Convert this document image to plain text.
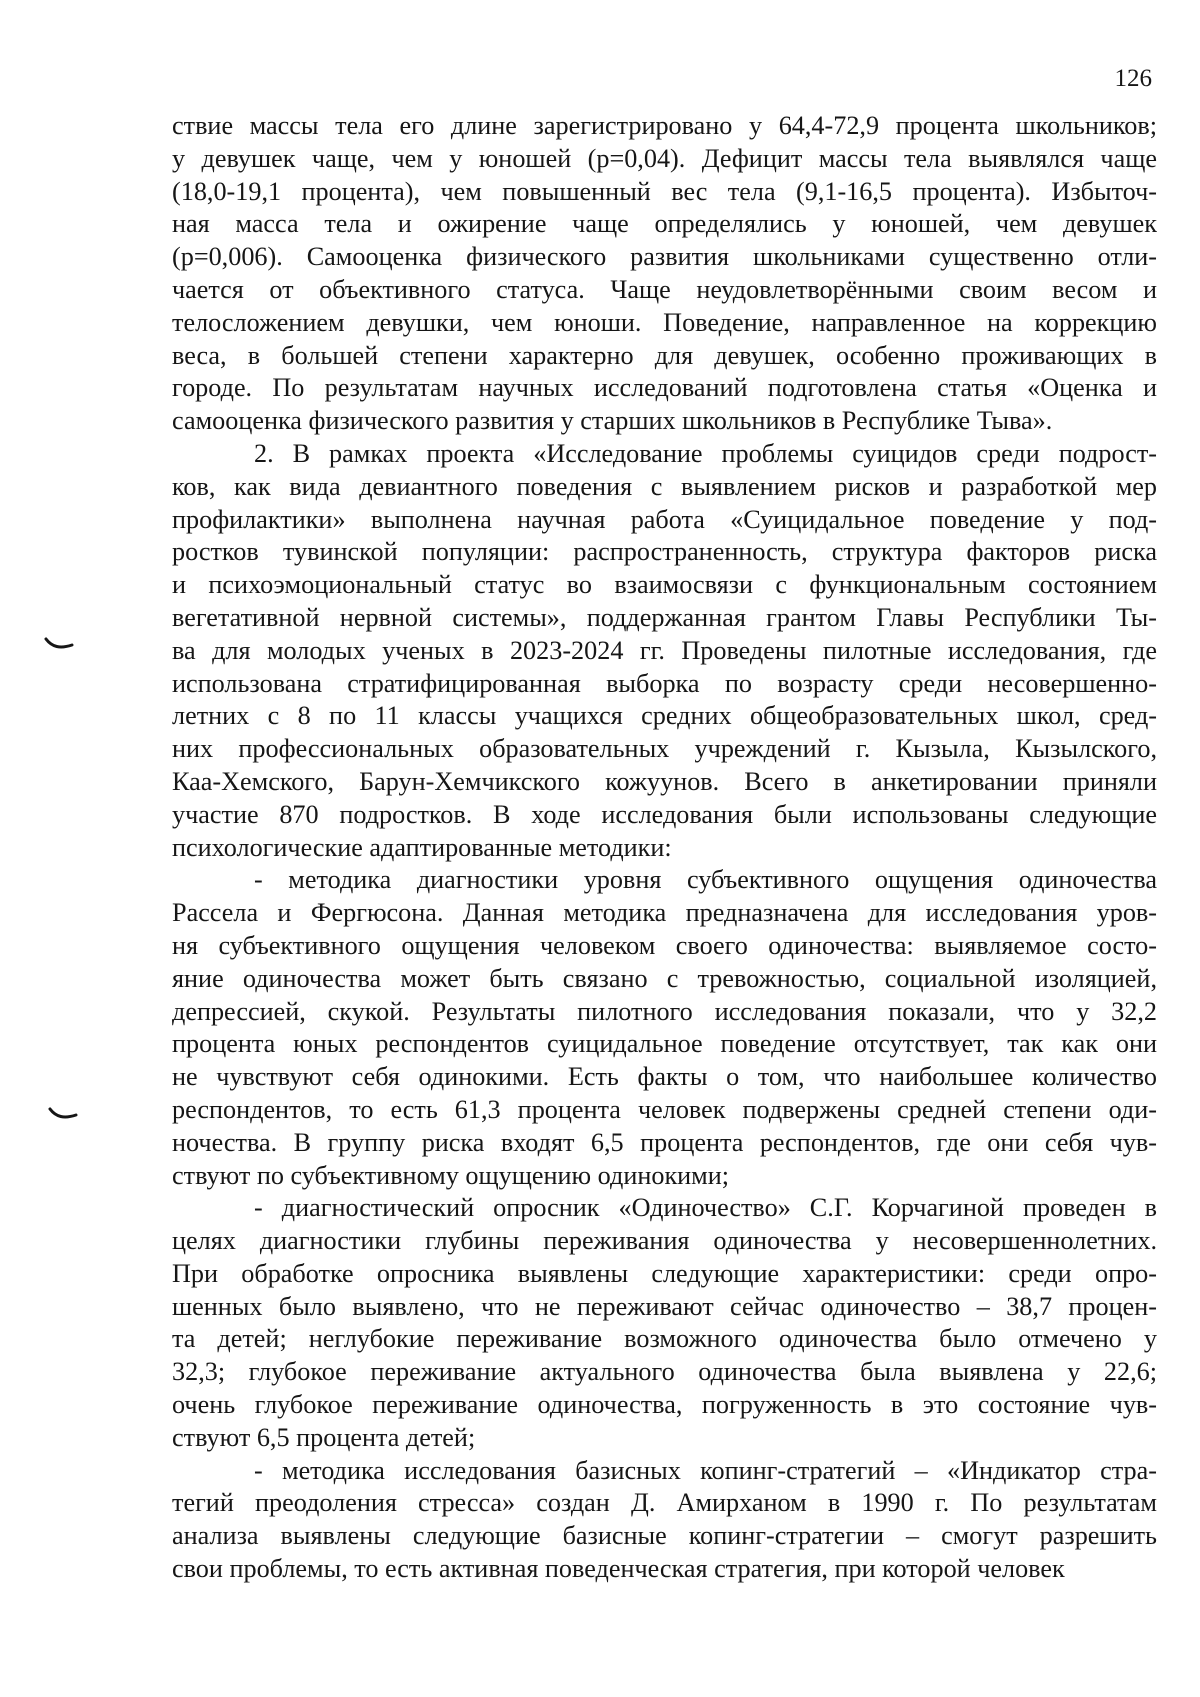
126
ствие массы тела его длине зарегистрировано у 64,4-72,9 процента школьников;
у девушек чаще, чем у юношей (р=0,04). Дефицит массы тела выявлялся чаще
(18,0-19,1 процента), чем повышенный вес тела (9,1-16,5 процента). Избыточ-
ная масса тела и ожирение чаще определялись у юношей, чем девушек
(р=0,006). Самооценка физического развития школьниками существенно отли-
чается от объективного статуса. Чаще неудовлетворёнными своим весом и
телосложением девушки, чем юноши. Поведение, направленное на коррекцию
веса, в большей степени характерно для девушек, особенно проживающих в
городе. По результатам научных исследований подготовлена статья «Оценка и
самооценка физического развития у старших школьников в Республике Тыва».
2. В рамках проекта «Исследование проблемы суицидов среди подрост-
ков, как вида девиантного поведения с выявлением рисков и разработкой мер
профилактики» выполнена научная работа «Суицидальное поведение у под-
ростков тувинской популяции: распространенность, структура факторов риска
и психоэмоциональный статус во взаимосвязи с функциональным состоянием
вегетативной нервной системы», поддержанная грантом Главы Республики Ты-
ва для молодых ученых в 2023-2024 гг. Проведены пилотные исследования, где
использована стратифицированная выборка по возрасту среди несовершенно-
летних с 8 по 11 классы учащихся средних общеобразовательных школ, сред-
них профессиональных образовательных учреждений г. Кызыла, Кызылского,
Каа-Хемского, Барун-Хемчикского кожуунов. Всего в анкетировании приняли
участие 870 подростков. В ходе исследования были использованы следующие
психологические адаптированные методики:
- методика диагностики уровня субъективного ощущения одиночества
Рассела и Фергюсона. Данная методика предназначена для исследования уров-
ня субъективного ощущения человеком своего одиночества: выявляемое состо-
яние одиночества может быть связано с тревожностью, социальной изоляцией,
депрессией, скукой. Результаты пилотного исследования показали, что у 32,2
процента юных респондентов суицидальное поведение отсутствует, так как они
не чувствуют себя одинокими. Есть факты о том, что наибольшее количество
респондентов, то есть 61,3 процента человек подвержены средней степени оди-
ночества. В группу риска входят 6,5 процента респондентов, где они себя чув-
ствуют по субъективному ощущению одинокими;
- диагностический опросник «Одиночество» С.Г. Корчагиной проведен в
целях диагностики глубины переживания одиночества у несовершеннолетних.
При обработке опросника выявлены следующие характеристики: среди опро-
шенных было выявлено, что не переживают сейчас одиночество – 38,7 процен-
та детей; неглубокие переживание возможного одиночества было отмечено у
32,3; глубокое переживание актуального одиночества была выявлена у 22,6;
очень глубокое переживание одиночества, погруженность в это состояние чув-
ствуют 6,5 процента детей;
- методика исследования базисных копинг-стратегий – «Индикатор стра-
тегий преодоления стресса» создан Д. Амирханом в 1990 г. По результатам
анализа выявлены следующие базисные копинг-стратегии – смогут разрешить
свои проблемы, то есть активная поведенческая стратегия, при которой человек
